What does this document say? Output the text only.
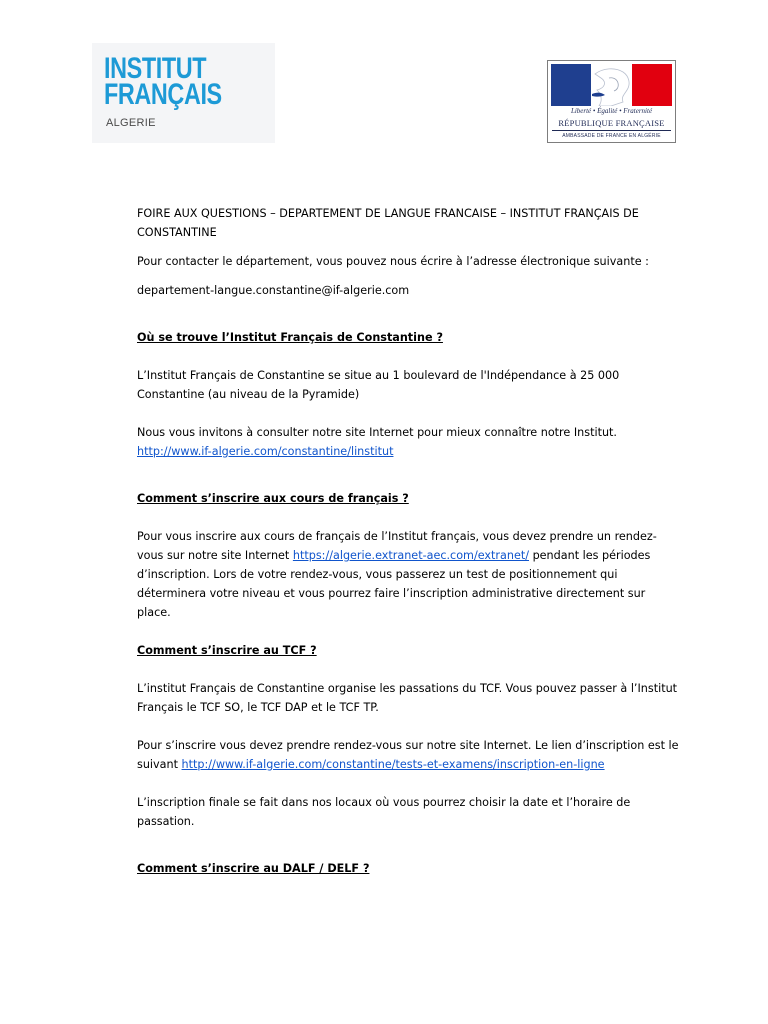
INSTITUT
FRANÇAIS
ALGERIE
Liberté • Égalité • Fraternité
RÉPUBLIQUE FRANÇAISE
AMBASSADE DE FRANCE EN ALGÉRIE

FOIRE AUX QUESTIONS – DEPARTEMENT DE LANGUE FRANCAISE – INSTITUT FRANÇAIS DE CONSTANTINE

Pour contacter le département, vous pouvez nous écrire à l’adresse électronique suivante :

departement-langue.constantine@if-algerie.com

Où se trouve l’Institut Français de Constantine ?

L’Institut Français de Constantine se situe au 1 boulevard de l'Indépendance à 25 000 Constantine (au niveau de la Pyramide)

Nous vous invitons à consulter notre site Internet pour mieux connaître notre Institut.

http://www.if-algerie.com/constantine/linstitut

Comment s’inscrire aux cours de français ?

Pour vous inscrire aux cours de français de l’Institut français, vous devez prendre un rendez-vous sur notre site Internet https://algerie.extranet-aec.com/extranet/ pendant les périodes d’inscription. Lors de votre rendez-vous, vous passerez un test de positionnement qui déterminera votre niveau et vous pourrez faire l’inscription administrative directement sur place.

Comment s’inscrire au TCF ?

L’institut Français de Constantine organise les passations du TCF. Vous pouvez passer à l’Institut Français le TCF SO, le TCF DAP et le TCF TP.

Pour s’inscrire vous devez prendre rendez-vous sur notre site Internet. Le lien d’inscription est le suivant http://www.if-algerie.com/constantine/tests-et-examens/inscription-en-ligne

L’inscription finale se fait dans nos locaux où vous pourrez choisir la date et l’horaire de passation.

Comment s’inscrire au DALF / DELF ?
